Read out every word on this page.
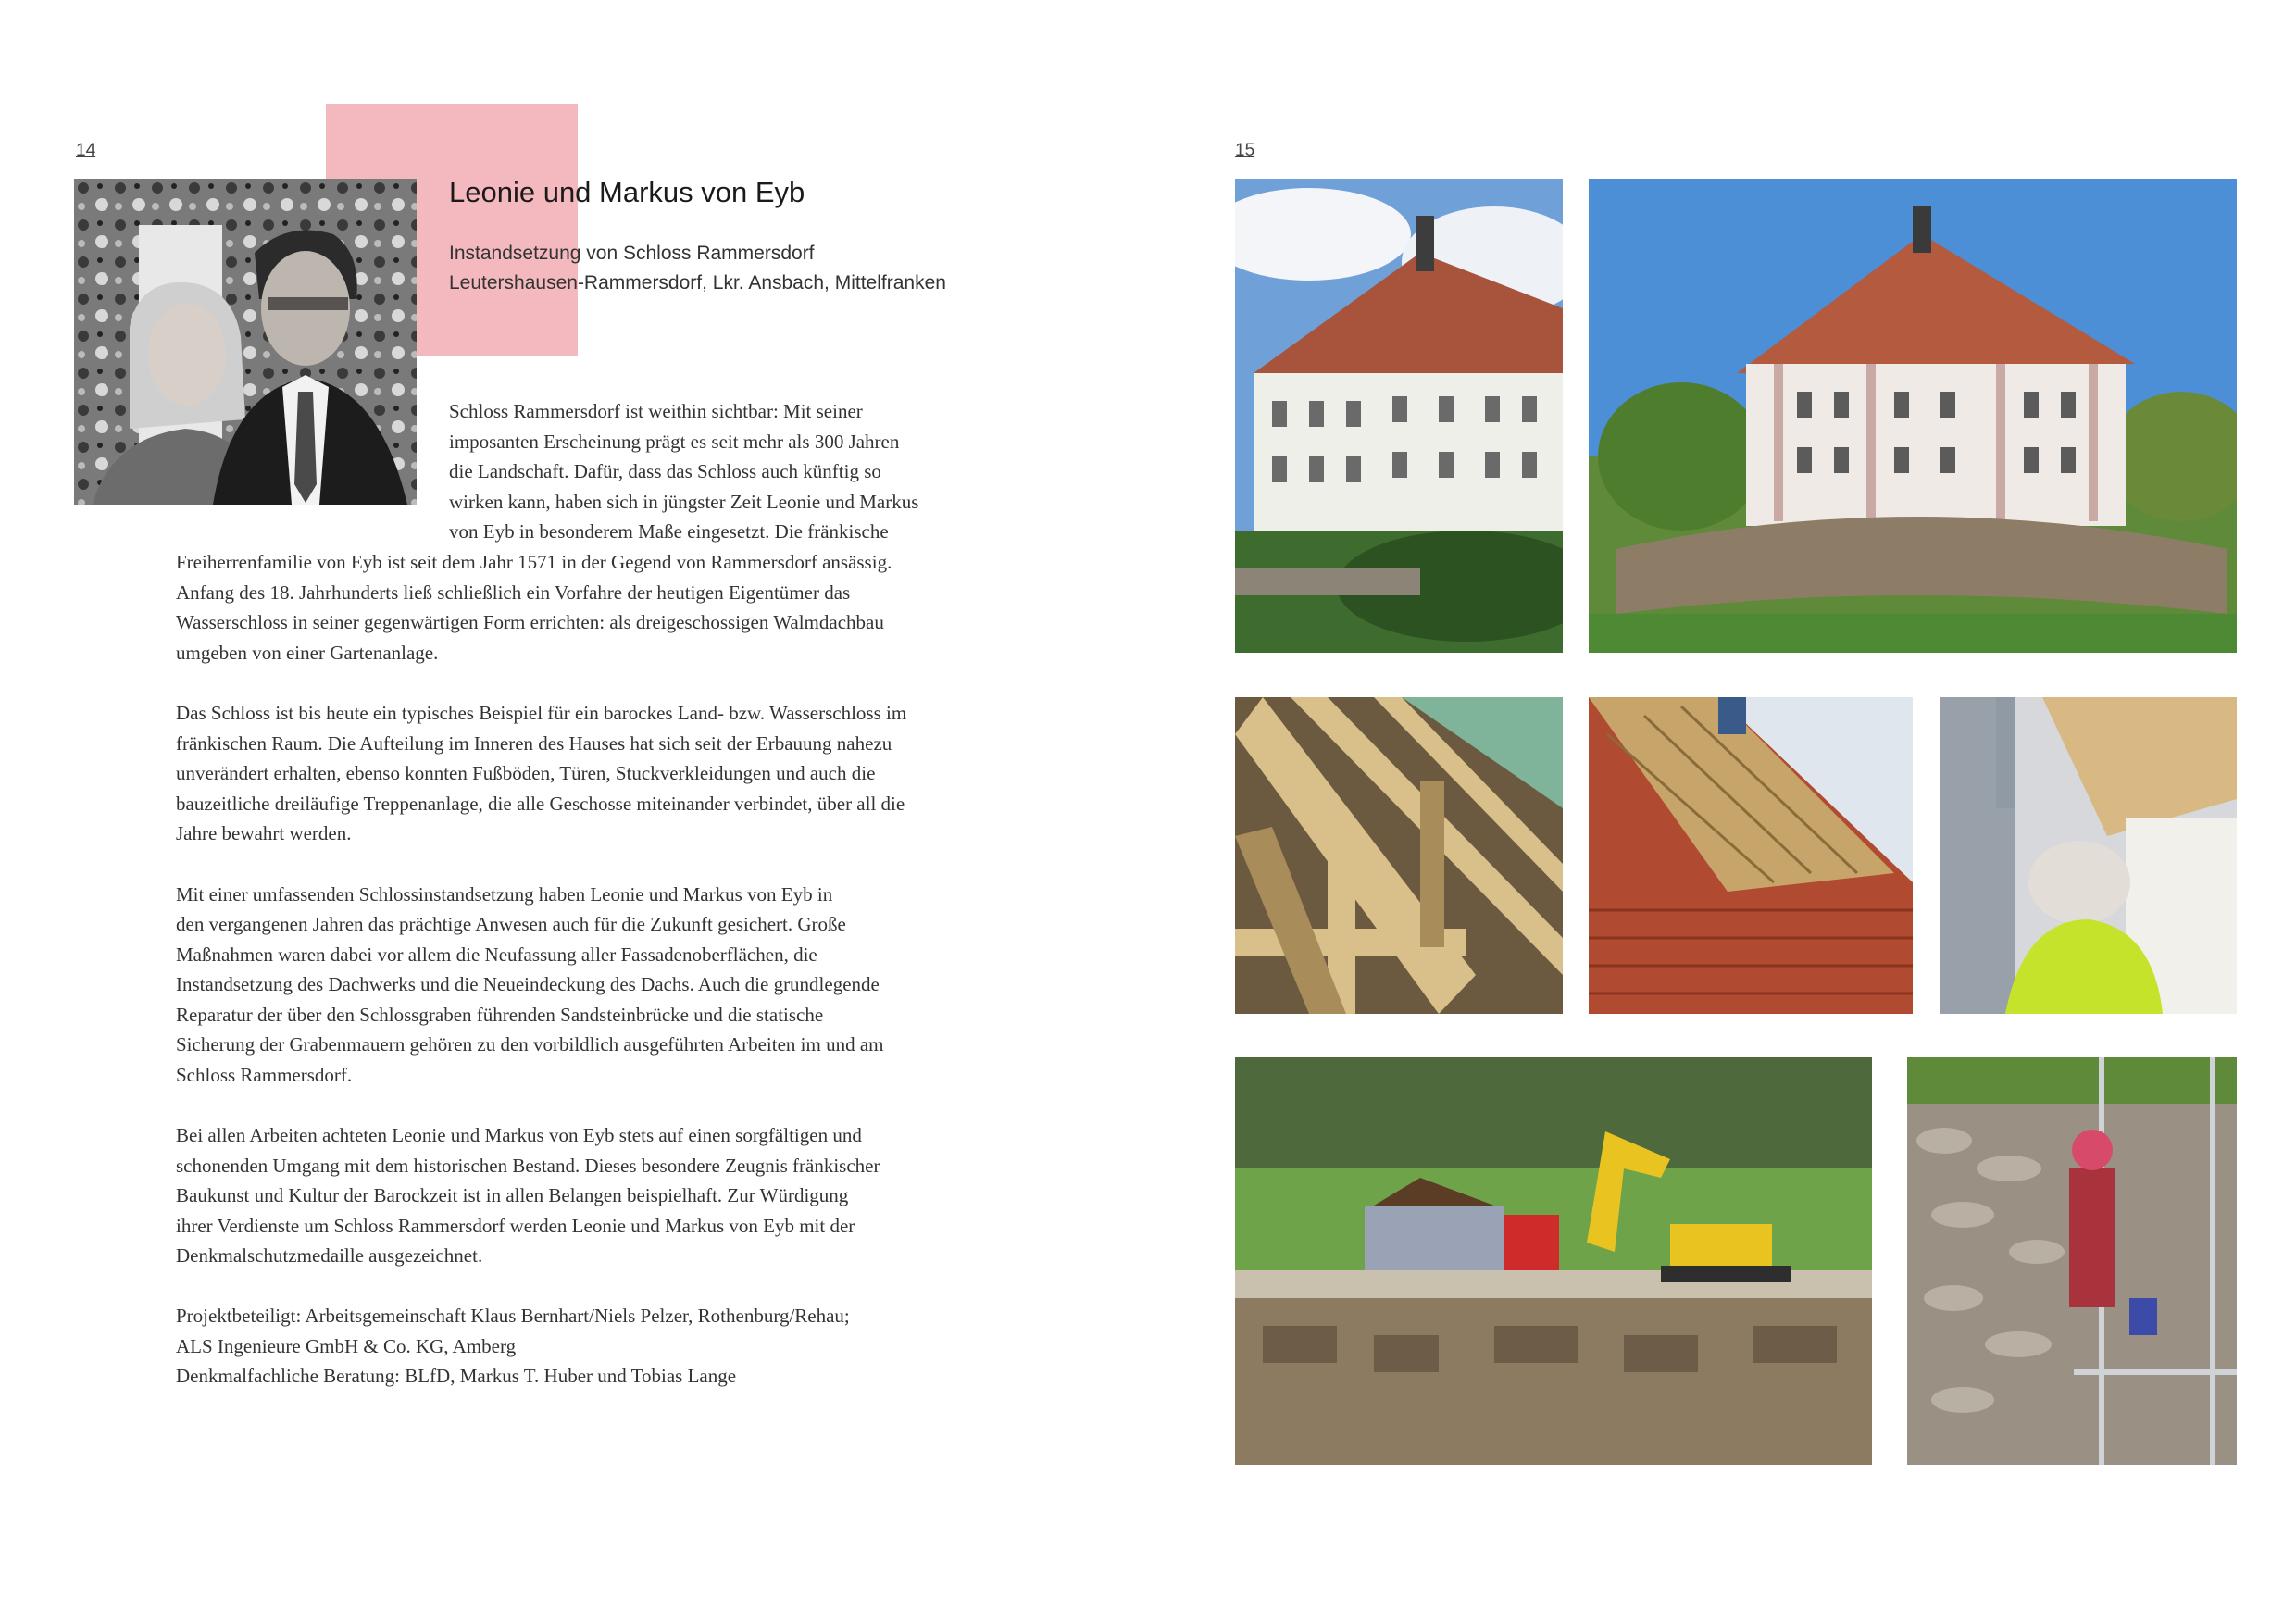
14	15
Leonie und Markus von Eyb
Instandsetzung von Schloss Rammersdorf
Leutershausen-Rammersdorf, Lkr. Ansbach, Mittelfranken

Schloss Rammersdorf ist weithin sichtbar: Mit seiner

imposanten Erscheinung prägt es seit mehr als 300 Jahren

die Landschaft. Dafür, dass das Schloss auch künftig so

wirken kann, haben sich in jüngster Zeit Leonie und Markus

von Eyb in besonderem Maße eingesetzt. Die fränkische

Freiherrenfamilie von Eyb ist seit dem Jahr 1571 in der Gegend von Rammersdorf ansässig.

Anfang des 18. Jahrhunderts ließ schließlich ein Vorfahre der heutigen Eigentümer das

Wasserschloss in seiner gegenwärtigen Form errichten: als dreigeschossigen Walmdachbau

umgeben von einer Gartenanlage.

Das Schloss ist bis heute ein typisches Beispiel für ein barockes Land- bzw. Wasserschloss im

fränkischen Raum. Die Aufteilung im Inneren des Hauses hat sich seit der Erbauung nahezu

unverändert erhalten, ebenso konnten Fußböden, Türen, Stuckverkleidungen und auch die

bauzeitliche dreiläufige Treppenanlage, die alle Geschosse miteinander verbindet, über all die

Jahre bewahrt werden.

Mit einer umfassenden Schlossinstandsetzung haben Leonie und Markus von Eyb in

den vergangenen Jahren das prächtige Anwesen auch für die Zukunft gesichert. Große

Maßnahmen waren dabei vor allem die Neufassung aller Fassadenoberflächen, die

Instandsetzung des Dachwerks und die Neueindeckung des Dachs. Auch die grundlegende

Reparatur der über den Schlossgraben führenden Sandsteinbrücke und die statische

Sicherung der Grabenmauern gehören zu den vorbildlich ausgeführten Arbeiten im und am

Schloss Rammersdorf.

Bei allen Arbeiten achteten Leonie und Markus von Eyb stets auf einen sorgfältigen und

schonenden Umgang mit dem historischen Bestand. Dieses besondere Zeugnis fränkischer

Baukunst und Kultur der Barockzeit ist in allen Belangen beispielhaft. Zur Würdigung

ihrer Verdienste um Schloss Rammersdorf werden Leonie und Markus von Eyb mit der

Denkmalschutzmedaille ausgezeichnet.

Projektbeteiligt: Arbeitsgemeinschaft Klaus Bernhart/Niels Pelzer, Rothenburg/Rehau;

ALS Ingenieure GmbH & Co. KG, Amberg

Denkmalfachliche Beratung: BLfD, Markus T. Huber und Tobias Lange
